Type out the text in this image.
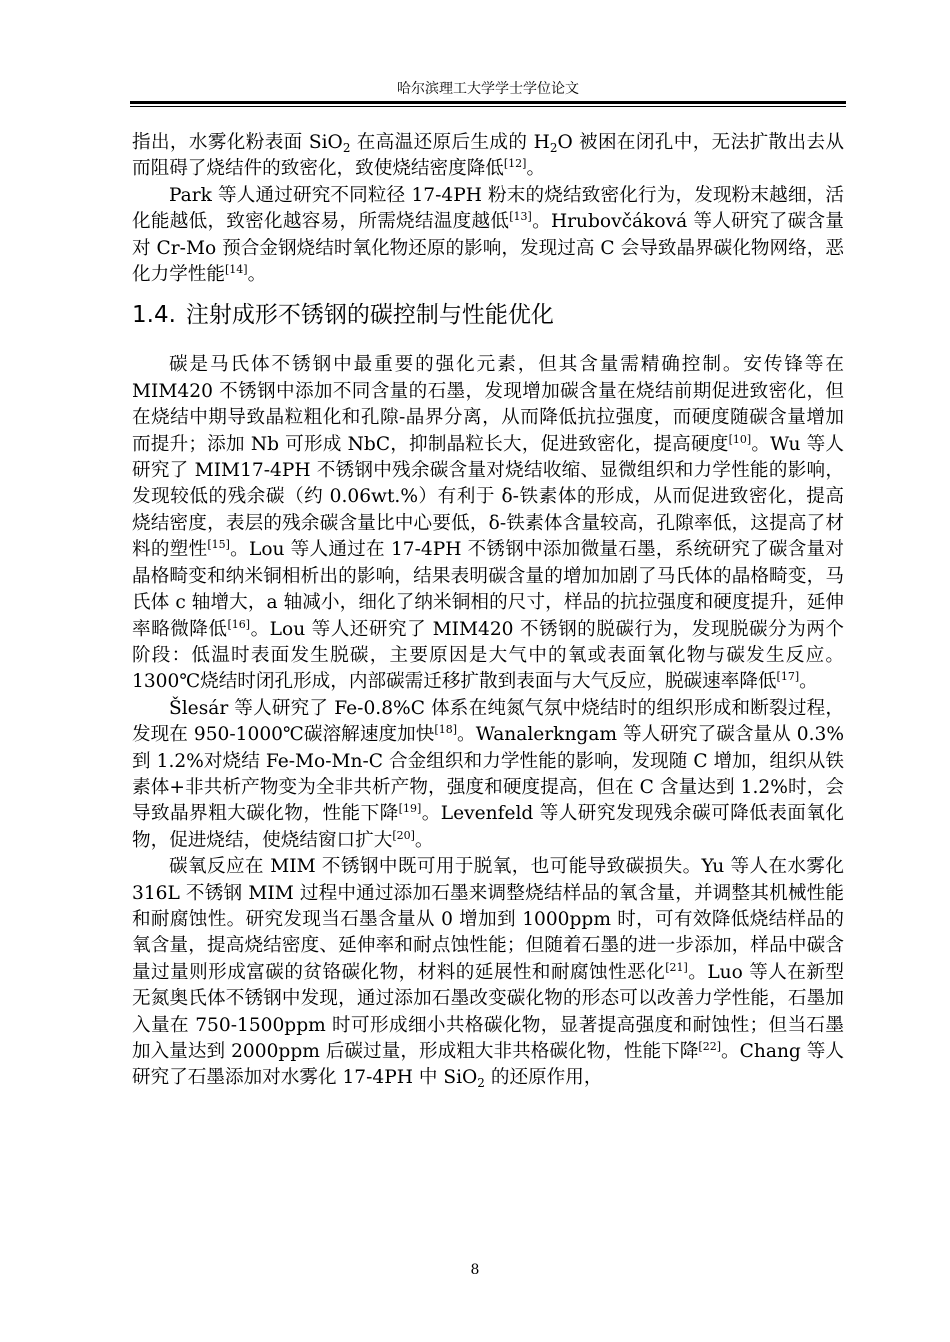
哈尔滨理工大学学士学位论文

指出，水雾化粉表面 SiO$_2$ 在高温还原后生成的 $H_2O$ 被困在闭孔中，无法扩散出去从而阻碍了烧结件的致密化，致使烧结密度降低[12]。

Park 等人通过研究不同粒径 17-4PH 粉末的烧结致密化行为，发现粉末越细，活化能越低，致密化越容易，所需烧结温度越低[13]。Hrubovčáková 等人研究了碳含量对 Cr-Mo 预合金钢烧结时氧化物还原的影响，发现过高 C 会导致晶界碳化物网络，恶化力学性能[14]。

1.4. 注射成形不锈钢的碳控制与性能优化

碳是马氏体不锈钢中最重要的强化元素，但其含量需精确控制。安传锋等在 MIM420 不锈钢中添加不同含量的石墨，发现增加碳含量在烧结前期促进致密化，但在烧结中期导致晶粒粗化和孔隙-晶界分离，从而降低抗拉强度，而硬度随碳含量增加而提升；添加 Nb 可形成 NbC，抑制晶粒长大，促进致密化，提高硬度[10]。Wu 等人研究了 MIM17-4PH 不锈钢中残余碳含量对烧结收缩、显微组织和力学性能的影响，发现较低的残余碳（约 0.06wt.%）有利于 δ-铁素体的形成，从而促进致密化，提高烧结密度，表层的残余碳含量比中心要低，δ-铁素体含量较高，孔隙率低，这提高了材料的塑性[15]。Lou 等人通过在 17-4PH 不锈钢中添加微量石墨，系统研究了碳含量对晶格畸变和纳米铜相析出的影响，结果表明碳含量的增加加剧了马氏体的晶格畸变，马氏体 c 轴增大，a 轴减小，细化了纳米铜相的尺寸，样品的抗拉强度和硬度提升，延伸率略微降低[16]。Lou 等人还研究了 MIM420 不锈钢的脱碳行为，发现脱碳分为两个阶段：低温时表面发生脱碳，主要原因是大气中的氧或表面氧化物与碳发生反应。1300℃烧结时闭孔形成，内部碳需迁移扩散到表面与大气反应，脱碳速率降低[17]。

Šlesár 等人研究了 Fe-0.8%C 体系在纯氮气氛中烧结时的组织形成和断裂过程，发现在 950-1000℃碳溶解速度加快[18]。Wanalerkngam 等人研究了碳含量从 0.3%到 1.2%对烧结 Fe-Mo-Mn-C 合金组织和力学性能的影响，发现随 C 增加，组织从铁素体+非共析产物变为全非共析产物，强度和硬度提高，但在 C 含量达到 1.2%时，会导致晶界粗大碳化物，性能下降[19]。Levenfeld 等人研究发现残余碳可降低表面氧化物，促进烧结，使烧结窗口扩大[20]。

碳氧反应在 MIM 不锈钢中既可用于脱氧，也可能导致碳损失。Yu 等人在水雾化 316L 不锈钢 MIM 过程中通过添加石墨来调整烧结样品的氧含量，并调整其机械性能和耐腐蚀性。研究发现当石墨含量从 0 增加到 1000ppm 时，可有效降低烧结样品的氧含量，提高烧结密度、延伸率和耐点蚀性能；但随着石墨的进一步添加，样品中碳含量过量则形成富碳的贫铬碳化物，材料的延展性和耐腐蚀性恶化[21]。Luo 等人在新型无氮奥氏体不锈钢中发现，通过添加石墨改变碳化物的形态可以改善力学性能，石墨加入量在 750-1500ppm 时可形成细小共格碳化物，显著提高强度和耐蚀性；但当石墨加入量达到 2000ppm 后碳过量，形成粗大非共格碳化物，性能下降[22]。Chang 等人研究了石墨添加对水雾化 17-4PH 中 SiO$_2$ 的还原作用，

8
